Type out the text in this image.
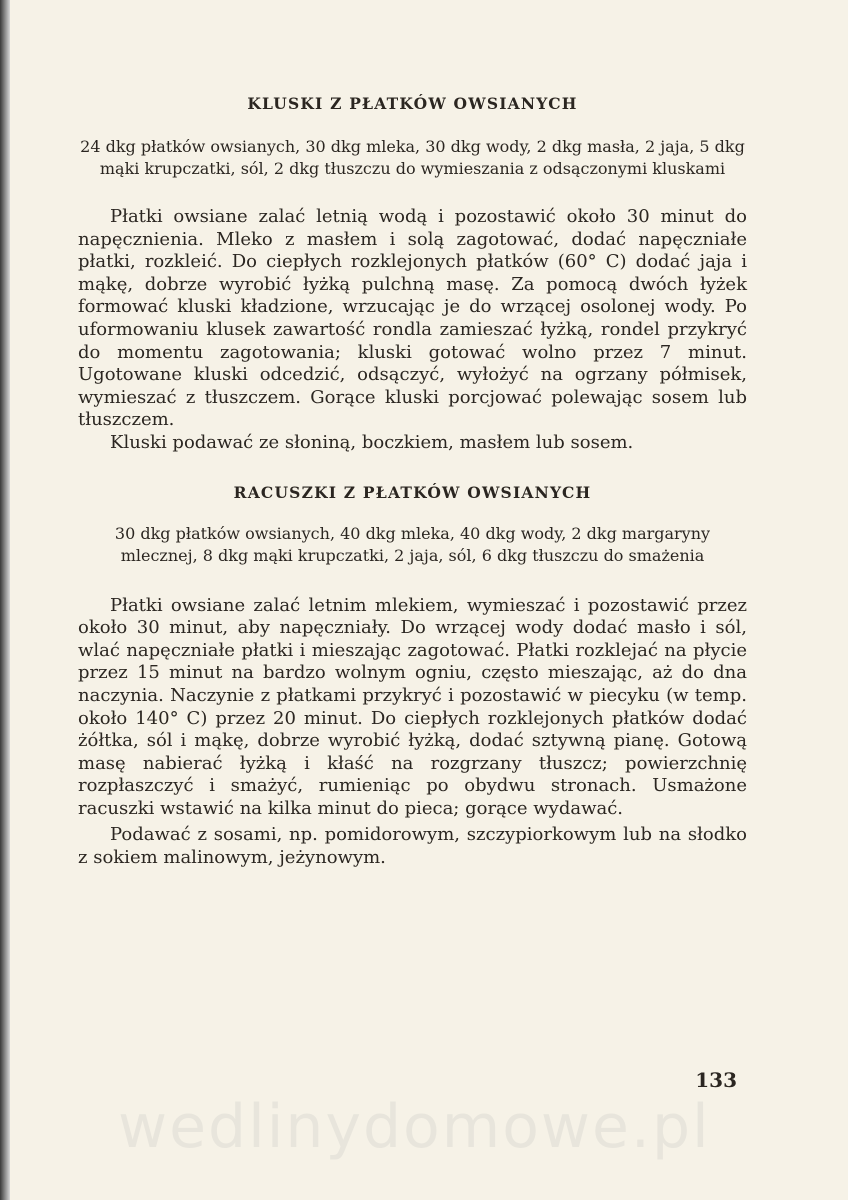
KLUSKI Z PŁATKÓW OWSIANYCH

24 dkg płatków owsianych, 30 dkg mleka, 30 dkg wody, 2 dkg masła, 2 jaja, 5 dkg mąki krupczatki, sól, 2 dkg tłuszczu do wymieszania z odsączonymi kluskami

Płatki owsiane zalać letnią wodą i pozostawić około 30 minut do napęcznienia. Mleko z masłem i solą zagotować, dodać napęczniałe płatki, rozkleić. Do ciepłych rozklejonych płatków (60° C) dodać jaja i mąkę, dobrze wyrobić łyżką pulchną masę. Za pomocą dwóch łyżek formować kluski kładzione, wrzucając je do wrzącej osolonej wody. Po uformowaniu klusek zawartość rondla zamieszać łyżką, rondel przykryć do momentu zagotowania; kluski gotować wolno przez 7 minut. Ugotowane kluski odcedzić, odsączyć, wyłożyć na ogrzany półmisek, wymieszać z tłuszczem. Gorące kluski porcjować polewając sosem lub tłuszczem.

Kluski podawać ze słoniną, boczkiem, masłem lub sosem.

RACUSZKI Z PŁATKÓW OWSIANYCH

30 dkg płatków owsianych, 40 dkg mleka, 40 dkg wody, 2 dkg margaryny mlecznej, 8 dkg mąki krupczatki, 2 jaja, sól, 6 dkg tłuszczu do smażenia

Płatki owsiane zalać letnim mlekiem, wymieszać i pozostawić przez około 30 minut, aby napęczniały. Do wrzącej wody dodać masło i sól, wlać napęczniałe płatki i mieszając zagotować. Płatki rozklejać na płycie przez 15 minut na bardzo wolnym ogniu, często mieszając, aż do dna naczynia. Naczynie z płatkami przykryć i pozostawić w piecyku (w temp. około 140° C) przez 20 minut. Do ciepłych rozklejonych płatków dodać żółtka, sól i mąkę, dobrze wyrobić łyżką, dodać sztywną pianę. Gotową masę nabierać łyżką i kłaść na rozgrzany tłuszcz; powierzchnię rozpłaszczyć i smażyć, rumieniąc po obydwu stronach. Usmażone racuszki wstawić na kilka minut do pieca; gorące wydawać.

Podawać z sosami, np. pomidorowym, szczypiorkowym lub na słodko z sokiem malinowym, jeżynowym.

133
wedlinydomowe.pl
